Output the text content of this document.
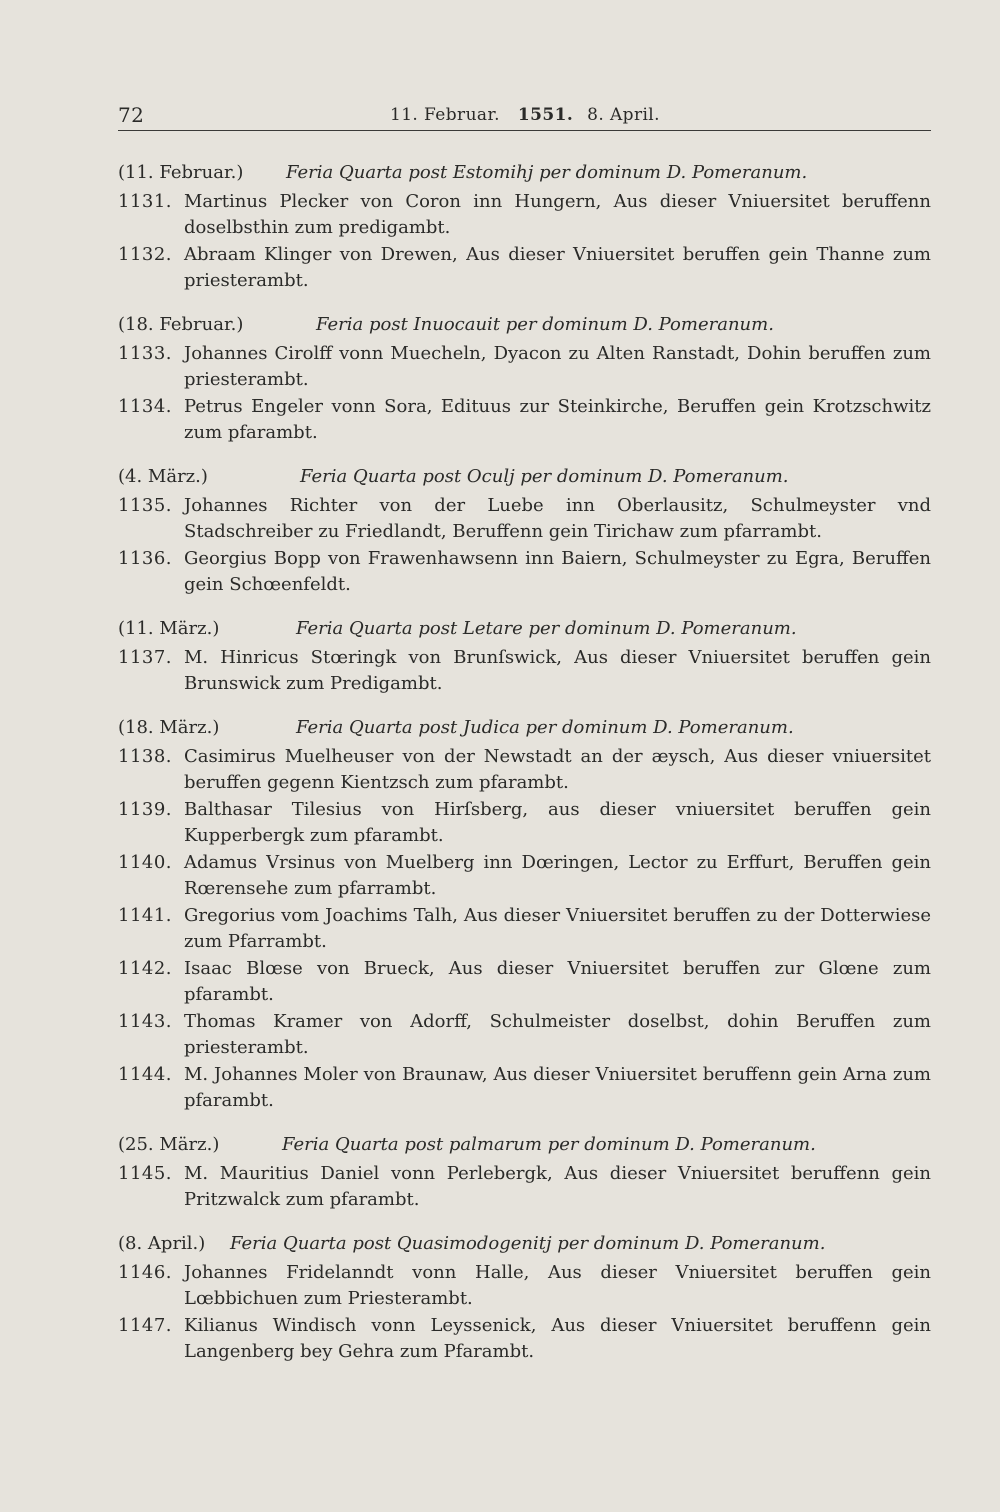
72	11. Februar. 1551. 8. April.
(11. Februar.)	Feria Quarta post Estomihj per dominum D. Pomeranum.
1131. Martinus Plecker von Coron inn Hungern, Aus dieser Vniuersitet beruffenn doselbsthin zum predigambt.
1132. Abraam Klinger von Drewen, Aus dieser Vniuersitet beruffen gein Thanne zum priesterambt.
(18. Februar.)	Feria post Inuocauit per dominum D. Pomeranum.
1133. Johannes Cirolff vonn Muecheln, Dyacon zu Alten Ranstadt, Dohin beruffen zum priesterambt.
1134. Petrus Engeler vonn Sora, Edituus zur Steinkirche, Beruffen gein Krotzschwitz zum pfarambt.
(4. März.)	Feria Quarta post Oculj per dominum D. Pomeranum.
1135. Johannes Richter von der Luebe inn Oberlausitz, Schulmeyster vnd Stadschreiber zu Friedlandt, Beruffenn gein Tirichaw zum pfarrambt.
1136. Georgius Bopp von Frawenhawsenn inn Baiern, Schulmeyster zu Egra, Beruffen gein Schœenfeldt.
(11. März.)	Feria Quarta post Letare per dominum D. Pomeranum.
1137. M. Hinricus Stœringk von Brunſswick, Aus dieser Vniuersitet beruffen gein Brunswick zum Predigambt.
(18. März.)	Feria Quarta post Judica per dominum D. Pomeranum.
1138. Casimirus Muelheuser von der Newstadt an der æysch, Aus dieser vniuersitet beruffen gegenn Kientzsch zum pfarambt.
1139. Balthasar Tilesius von Hirſsberg, aus dieser vniuersitet beruffen gein Kupperbergk zum pfarambt.
1140. Adamus Vrsinus von Muelberg inn Dœringen, Lector zu Erffurt, Beruffen gein Rœrensehe zum pfarrambt.
1141. Gregorius vom Joachims Talh, Aus dieser Vniuersitet beruffen zu der Dotterwiese zum Pfarrambt.
1142. Isaac Blœse von Brueck, Aus dieser Vniuersitet beruffen zur Glœne zum pfarambt.
1143. Thomas Kramer von Adorff, Schulmeister doselbst, dohin Beruffen zum priesterambt.
1144. M. Johannes Moler von Braunaw, Aus dieser Vniuersitet beruffenn gein Arna zum pfarambt.
(25. März.)	Feria Quarta post palmarum per dominum D. Pomeranum.
1145. M. Mauritius Daniel vonn Perlebergk, Aus dieser Vniuersitet beruffenn gein Pritzwalck zum pfarambt.
(8. April.)	Feria Quarta post Quasimodogenitj per dominum D. Pomeranum.
1146. Johannes Fridelanndt vonn Halle, Aus dieser Vniuersitet beruffen gein Lœbbichuen zum Priesterambt.
1147. Kilianus Windisch vonn Leyssenick, Aus dieser Vniuersitet beruffenn gein Langenberg bey Gehra zum Pfarambt.
